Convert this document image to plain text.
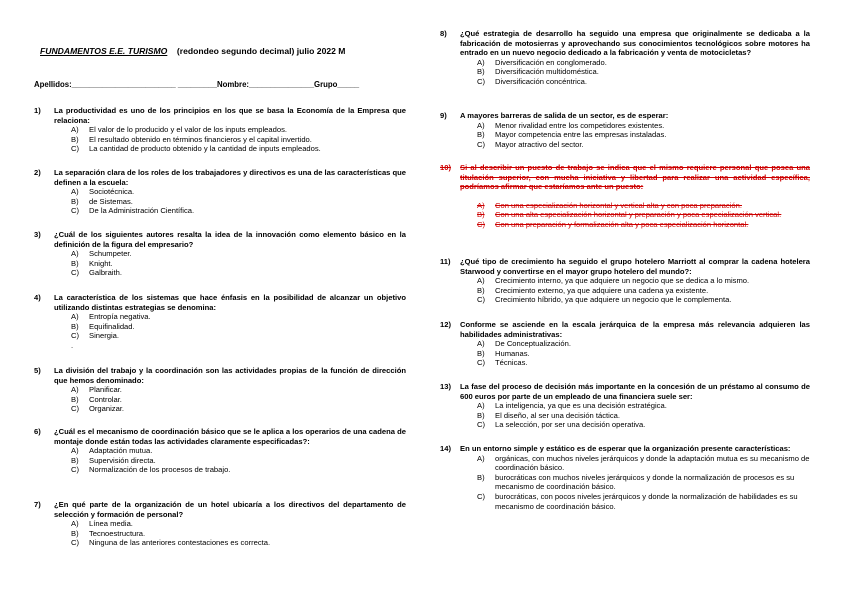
FUNDAMENTOS E.E. TURISMO (redondeo segundo decimal) julio 2022 M
Apellidos:________________________ _________Nombre:_______________Grupo_____
1)	La productividad es uno de los principios en los que se basa la Economía de la Empresa que relaciona:
A)	El valor de lo producido y el valor de los inputs empleados.
B)	El resultado obtenido en términos financieros y el capital invertido.
C)	La cantidad de producto obtenido y la cantidad de inputs empleados.
2)	La separación clara de los roles de los trabajadores y directivos es una de las características que definen a la escuela:
A)	Sociotécnica.
B)	de Sistemas.
C)	De la Administración Científica.
3)	¿Cuál de los siguientes autores resalta la idea de la innovación como elemento básico en la definición de la figura del empresario?
A)	Schumpeter.
B)	Knight.
C)	Galbraith.
4)	La característica de los sistemas que hace énfasis en la posibilidad de alcanzar un objetivo utilizando distintas estrategias se denomina:
A)	Entropía negativa.
B)	Equifinalidad.
C)	Sinergia.
.
5)	La división del trabajo y la coordinación son las actividades propias de la función de dirección que hemos denominado:
A)	Planificar.
B)	Controlar.
C)	Organizar.
6)	¿Cuál es el mecanismo de coordinación básico que se le aplica a los operarios de una cadena de montaje donde están todas las actividades claramente especificadas?:
A)	Adaptación mutua.
B)	Supervisión directa.
C)	Normalización de los procesos de trabajo.
7)	¿En qué parte de la organización de un hotel ubicaría a los directivos del departamento de selección y formación de personal?
A)	Línea media.
B)	Tecnoestructura.
C)	Ninguna de las anteriores contestaciones es correcta.
8)	¿Qué estrategia de desarrollo ha seguido una empresa que originalmente se dedicaba a la fabricación de motosierras y aprovechando sus conocimientos tecnológicos sobre motores ha entrado en un nuevo negocio dedicado a la fabricación y venta de motocicletas?
A)	Diversificación en conglomerado.
B)	Diversificación multidoméstica.
C)	Diversificación concéntrica.
9)	A mayores barreras de salida de un sector, es de esperar:
A)	Menor rivalidad entre los competidores existentes.
B)	Mayor competencia entre las empresas instaladas.
C)	Mayor atractivo del sector.
10)	Si al describir un puesto de trabajo se indica que el mismo requiere personal que posea una titulación superior, con mucha iniciativa y libertad para realizar una actividad específica, podríamos afirmar que estaríamos ante un puesto:
A)	Con una especialización horizontal y vertical alta y con poca preparación.
B)	Con una alta especialización horizontal y preparación y poca especialización vertical.
C)	Con una preparación y formalización alta y poca especialización horizontal.
11)	¿Qué tipo de crecimiento ha seguido el grupo hotelero Marriott al comprar la cadena hotelera Starwood y convertirse en el mayor grupo hotelero del mundo?:
A)	Crecimiento interno, ya que adquiere un negocio que se dedica a lo mismo.
B)	Crecimiento externo, ya que adquiere una cadena ya existente.
C)	Crecimiento híbrido, ya que adquiere un negocio que le complementa.
12)	Conforme se asciende en la escala jerárquica de la empresa más relevancia adquieren las habilidades administrativas:
A)	De Conceptualización.
B)	Humanas.
C)	Técnicas.
13)	La fase del proceso de decisión más importante en la concesión de un préstamo al consumo de 600 euros por parte de un empleado de una financiera suele ser:
A)	La inteligencia, ya que es una decisión estratégica.
B)	El diseño, al ser una decisión táctica.
C)	La selección, por ser una decisión operativa.
14)	En un entorno simple y estático es de esperar que la organización presente características:
A)	orgánicas, con muchos niveles jerárquicos y donde la adaptación mutua es su mecanismo de coordinación básico.
B)	burocráticas con muchos niveles jerárquicos y donde la normalización de procesos es su mecanismo de coordinación básico.
C)	burocráticas, con pocos niveles jerárquicos y donde la normalización de habilidades es su mecanismo de coordinación básico.
